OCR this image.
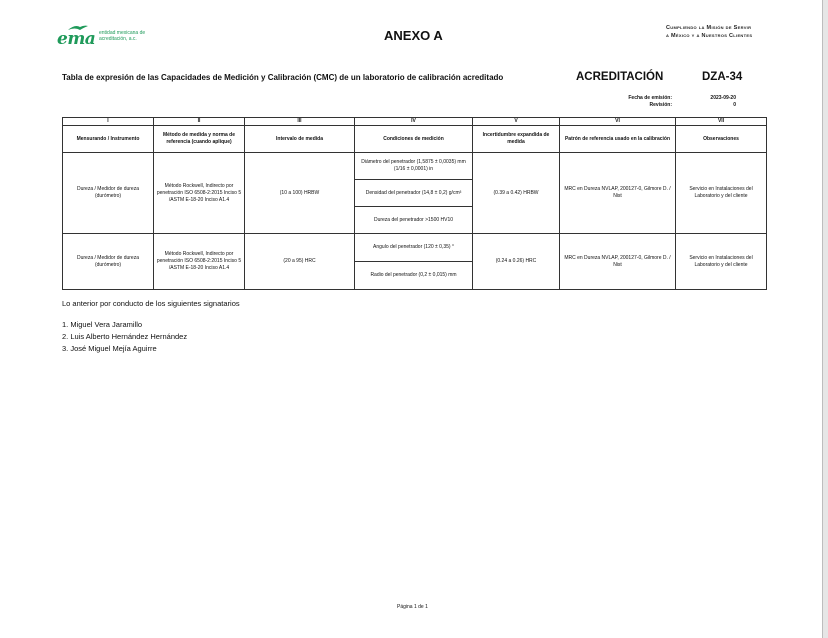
ema entidad mexicana de acreditación, a.c.	ANEXO A	Cumpliendo la Misión de Servir
a México y a Nuestros Clientes
Tabla de expresión de las Capacidades de Medición y Calibración (CMC) de un laboratorio de calibración acreditado	ACREDITACIÓN	DZA-34
Fecha de emisión:	2023-09-20
Revisión:	0
I	II	III	IV	V	VI	VII
Mensurando / Instrumento	Método de medida y norma de referencia (cuando aplique)	Intervalo de medida	Condiciones de medición	Incertidumbre expandida de medida	Patrón de referencia usado en la calibración	Observaciones
Dureza / Medidor de dureza (durómetro)	Método Rockwell, Indirecto por penetración ISO 6508-2:2015 Inciso 5 /ASTM E-18-20 Inciso A1.4	(10 a 100) HRBW	Diámetro del penetrador (1,5875 ± 0,0035) mm (1/16 ± 0,0001) in	(0.39 a 0.42) HRBW	MRC en Dureza NVLAP, 200127-0, Gilmore D. / Nist	Servicio en Instalaciones del Laboratorio y del cliente
			Densidad del penetrador (14,8 ± 0,2) g/cm³			
			Dureza del penetrador >1500 HV10			
Dureza / Medidor de dureza (durómetro)	Método Rockwell, Indirecto por penetración ISO 6508-2:2015 Inciso 5 /ASTM E-18-20 Inciso A1.4	(20 a 95) HRC	Angulo del penetrador (120 ± 0,35) °	(0.24 a 0.26) HRC	MRC en Dureza NVLAP, 200127-0, Gilmore D. / Nist	Servicio en Instalaciones del Laboratorio y del cliente
			Radio del penetrador (0,2 ± 0,015) mm			
Lo anterior por conducto de los siguientes signatarios
1. Miguel Vera Jaramillo
2. Luis Alberto Hernández Hernández
3. José Miguel Mejía Aguirre
Página 1 de 1
